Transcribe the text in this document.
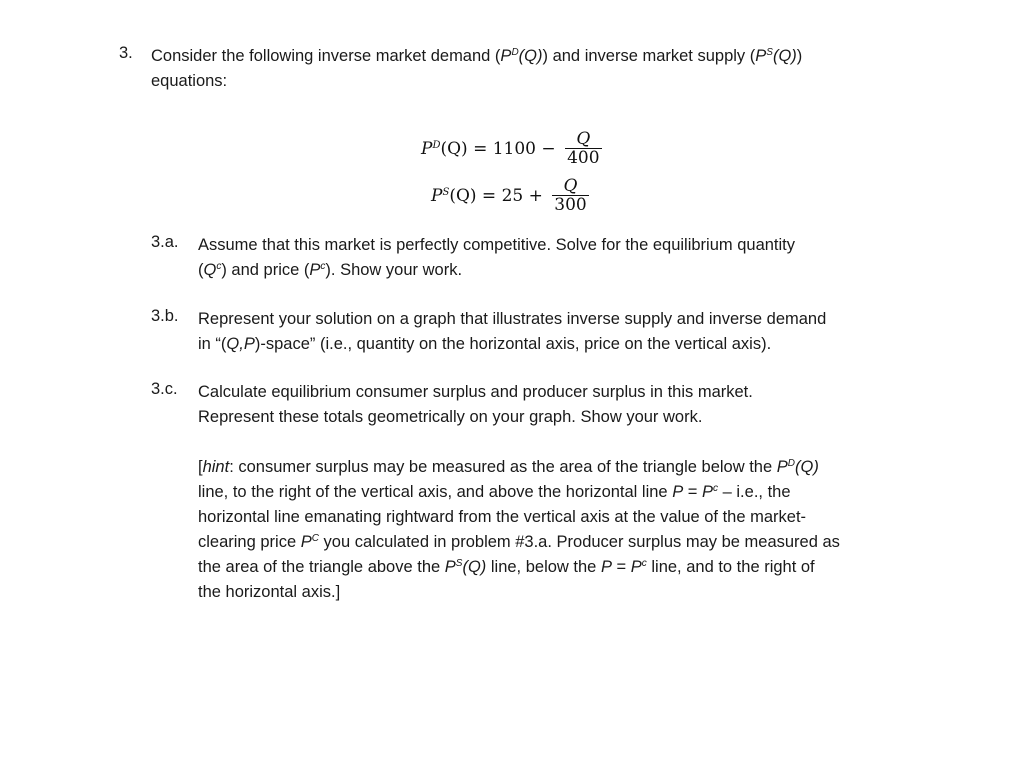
3. Consider the following inverse market demand $(P^D(Q))$ and inverse market supply $(P^S(Q))$
equations:
$P^D(Q) = 1100 - \frac{Q}{400}$
$P^S(Q) = 25 + \frac{Q}{300}$
3.a. Assume that this market is perfectly competitive. Solve for the equilibrium quantity
$(Q^c)$ and price $(P^c)$. Show your work.
3.b. Represent your solution on a graph that illustrates inverse supply and inverse demand
in “(Q,P)-space” (i.e., quantity on the horizontal axis, price on the vertical axis).
3.c. Calculate equilibrium consumer surplus and producer surplus in this market.
Represent these totals geometrically on your graph. Show your work.
[hint: consumer surplus may be measured as the area of the triangle below the $P^D(Q)$
line, to the right of the vertical axis, and above the horizontal line $P = P^c - i.e$., the
horizontal line emanating rightward from the vertical axis at the value of the market-
clearing price $P^C$ you calculated in problem #3.a. Producer surplus may be measured as
the area of the triangle above the $P^S(Q)$ line, below the $P = P^c$ line, and to the right of
the horizontal axis.]
